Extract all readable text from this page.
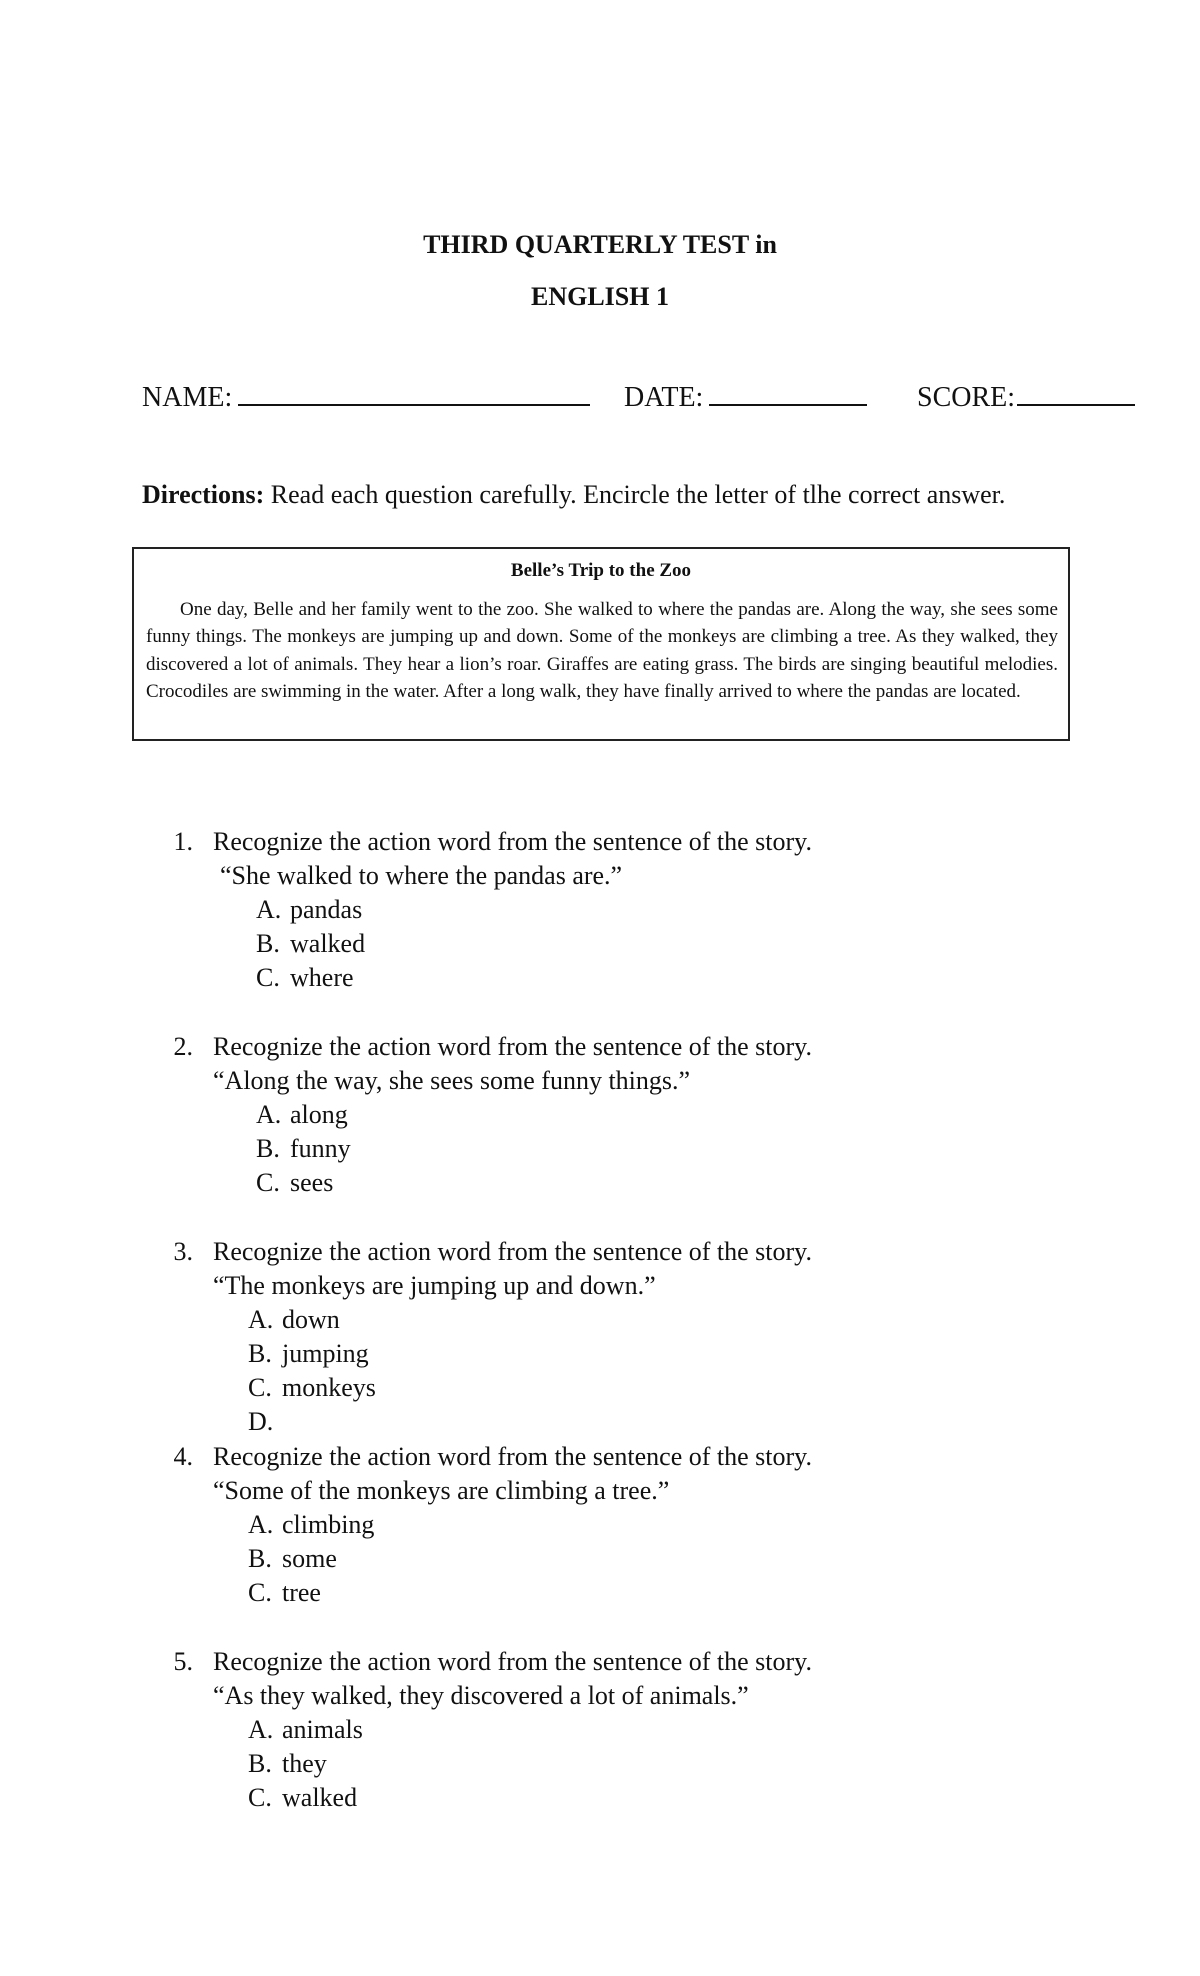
THIRD QUARTERLY TEST in
ENGLISH 1
NAME:	DATE:	SCORE:
Directions: Read each question carefully. Encircle the letter of tlhe correct answer.
Belle’s Trip to the Zoo
One day, Belle and her family went to the zoo. She walked to where the pandas are. Along the way, she sees some funny things. The monkeys are jumping up and down. Some of the monkeys are climbing a tree. As they walked, they discovered a lot of animals. They hear a lion’s roar. Giraffes are eating grass. The birds are singing beautiful melodies. Crocodiles are swimming in the water. After a long walk, they have finally arrived to where the pandas are located.
1. Recognize the action word from the sentence of the story.
“She walked to where the pandas are.”
A. pandas
B. walked
C. where
2. Recognize the action word from the sentence of the story.
“Along the way, she sees some funny things.”
A. along
B. funny
C. sees
3. Recognize the action word from the sentence of the story.
“The monkeys are jumping up and down.”
A. down
B. jumping
C. monkeys
D.
4. Recognize the action word from the sentence of the story.
“Some of the monkeys are climbing a tree.”
A. climbing
B. some
C. tree
5. Recognize the action word from the sentence of the story.
“As they walked, they discovered a lot of animals.”
A. animals
B. they
C. walked
